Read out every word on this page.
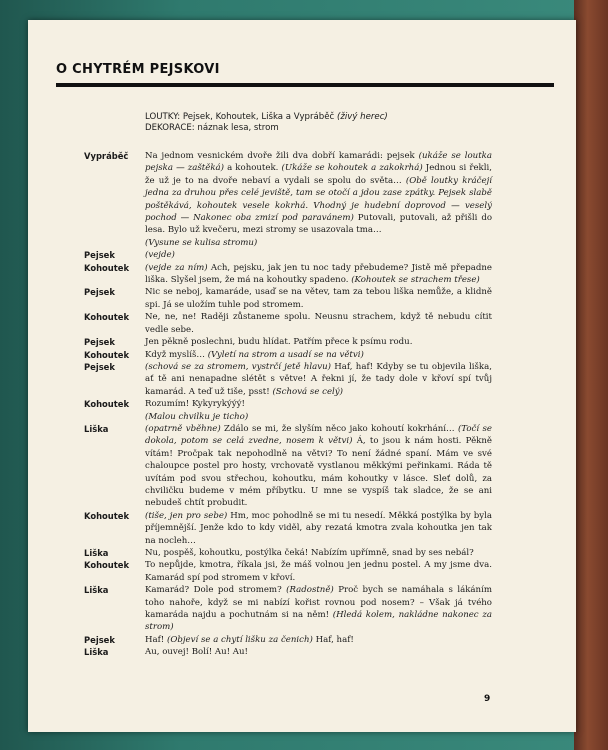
O CHYTRÉM PEJSKOVI
LOUTKY: Pejsek, Kohoutek, Liška a Vypráběč (živý herec)
DEKORACE: náznak lesa, strom
Vypráběč	Na jednom vesnickém dvoře žili dva dobří kamarádi: pejsek (ukáže se loutka pejska — zaštěká) a kohoutek. (Ukáže se kohoutek a zakokrhá) Jednou si řekli, že už je to na dvoře nebaví a vydali se spolu do světa… (Obě loutky kráčejí jedna za druhou přes celé jeviště, tam se otočí a jdou zase zpátky. Pejsek slabě poštěkává, kohoutek vesele kokrhá. Vhodný je hudební doprovod — veselý pochod — Nakonec oba zmizí pod paravánem) Putovali, putovali, až přišli do lesa. Bylo už kvečeru, mezi stromy se usazovala tma…
(Vysune se kulisa stromu)
Pejsek	(vejde)
Kohoutek	(vejde za ním) Ach, pejsku, jak jen tu noc tady přebudeme? Jistě mě přepadne liška. Slyšel jsem, že má na kohoutky spadeno. (Kohoutek se strachem třese)
Pejsek	Nic se neboj, kamaráde, usaď se na větev, tam za tebou liška nemůže, a klidně spi. Já se uložím tuhle pod stromem.
Kohoutek	Ne, ne, ne! Raději zůstaneme spolu. Neusnu strachem, když tě nebudu cítit vedle sebe.
Pejsek	Jen pěkně poslechni, budu hlídat. Patřím přece k psímu rodu.
Kohoutek	Když myslíš… (Vyletí na strom a usadí se na větvi)
Pejsek	(schová se za stromem, vystrčí jetě hlavu) Haf, haf! Kdyby se tu objevila liška, ať tě ani nenapadne slétět s větve! A řekni jí, že tady dole v křoví spí tvůj kamarád. A teď už tiše, psst! (Schová se celý)
Kohoutek	Rozumím! Kykyrykýýý!
(Malou chvilku je ticho)
Liška	(opatrně vběhne) Zdálo se mi, že slyším něco jako kohoutí kokrhání… (Točí se dokola, potom se celá zvedne, nosem k větvi) Á, to jsou k nám hosti. Pěkně vítám! Pročpak tak nepohodlně na větvi? To není žádné spaní. Mám ve své chaloupce postel pro hosty, vrchovatě vystlanou měkkými peřinkami. Ráda tě uvítám pod svou střechou, kohoutku, mám kohoutky v lásce. Sleť dolů, za chviličku budeme v mém příbytku. U mne se vyspíš tak sladce, že se ani nebudeš chtít probudit.
Kohoutek	(tiše, jen pro sebe) Hm, moc pohodlně se mi tu nesedí. Měkká postýlka by byla příjemnější. Jenže kdo to kdy viděl, aby rezatá kmotra zvala kohoutka jen tak na nocleh…
Liška	Nu, pospěš, kohoutku, postýlka čeká! Nabízím upřímně, snad by ses nebál?
Kohoutek	To nepůjde, kmotra, říkala jsi, že máš volnou jen jednu postel. A my jsme dva. Kamarád spí pod stromem v křoví.
Liška	Kamarád? Dole pod stromem? (Radostně) Proč bych se namáhala s lákáním toho nahoře, když se mi nabízí kořist rovnou pod nosem? – Však já tvého kamaráda najdu a pochutnám si na něm! (Hledá kolem, nakládne nakonec za strom)
Pejsek	Haf! (Objeví se a chytí lišku za čenich) Haf, haf!
Liška	Au, ouvej! Bolí! Au! Au!
9
